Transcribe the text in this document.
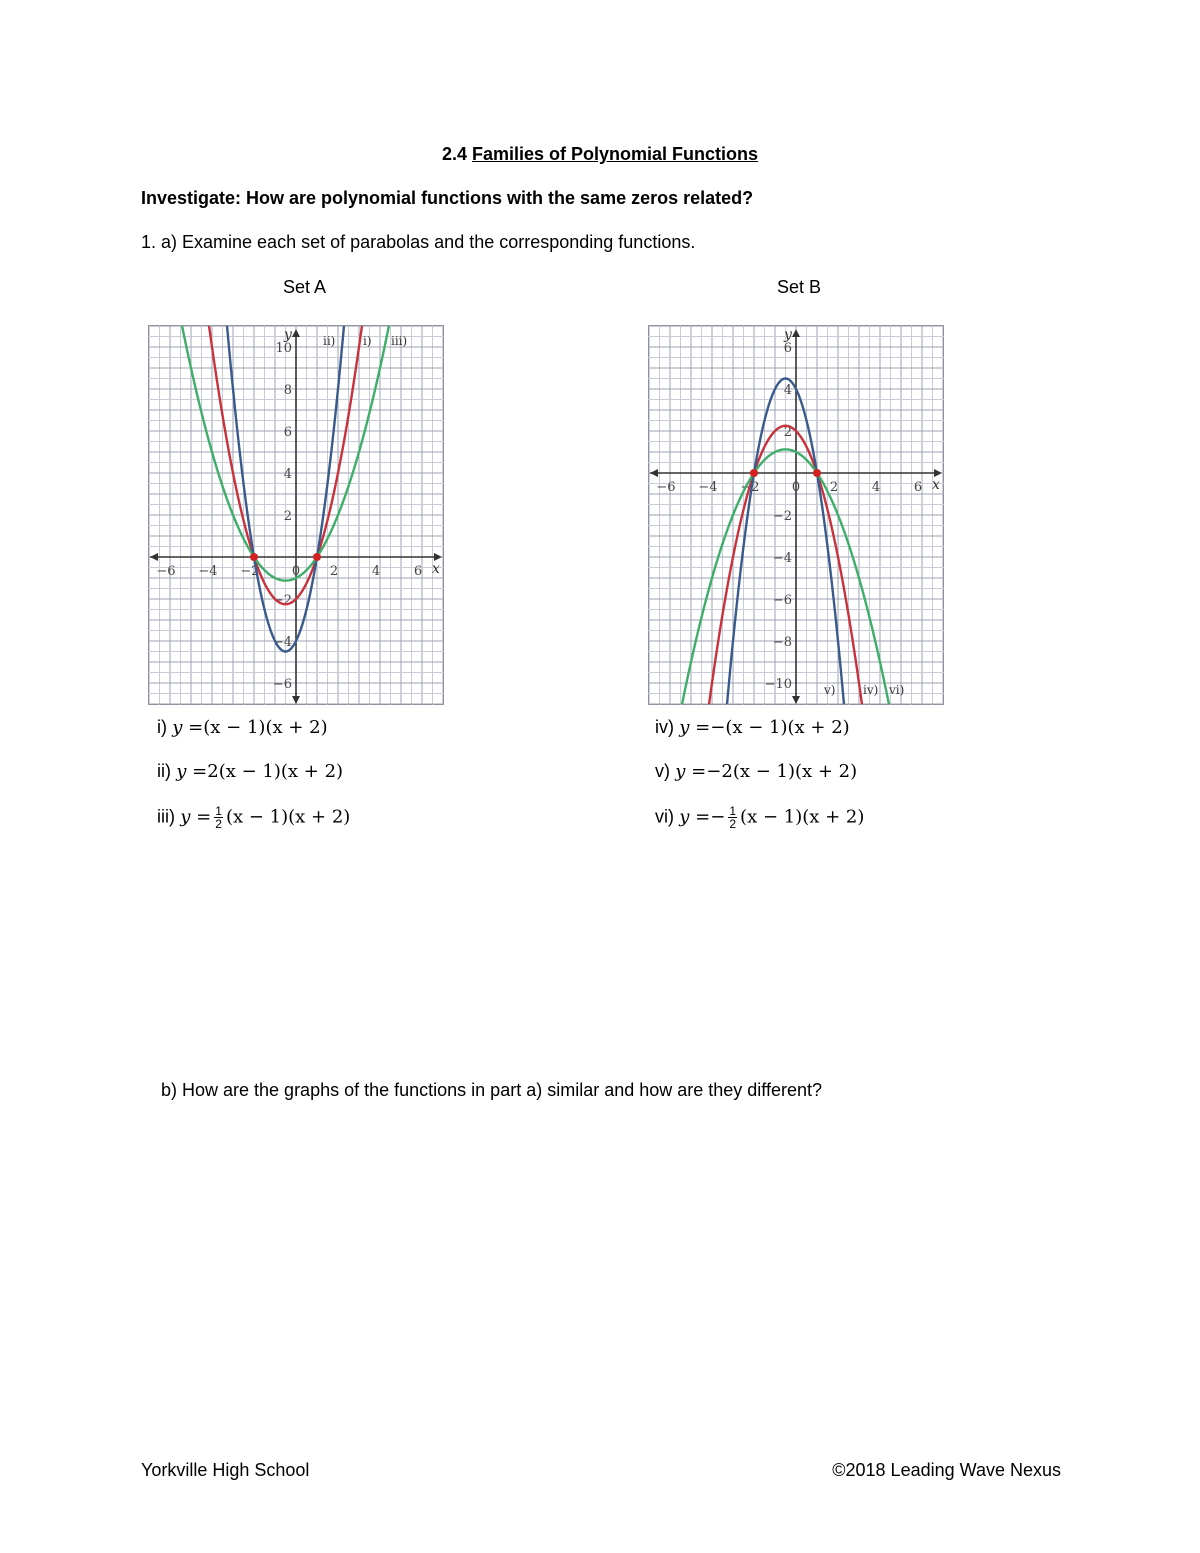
2.4 Families of Polynomial Functions
Investigate: How are polynomial functions with the same zeros related?
1. a) Examine each set of parabolas and the corresponding functions.
Set A	Set B
−6 −4 −2 0 2	4	6
−6
−4
−2
2
4
6
8
10
x
y	ii) i) iii)
−6 −4 −2 0 2	4	6
6
4
2
−2
−4
−6
−8
−10
x
y
v) iv) vi)
i) y =(x − 1)(x + 2)
ii) y =2(x − 1)(x + 2)
iii) $y = \frac{1}{2} (x - 1)(x + 2)$
iv) y =−(x − 1)(x + 2)
v) y =−2(x − 1)(x + 2)
vi) $y =- \frac{1}{2} (x - 1)(x + 2)$
b) How are the graphs of the functions in part a) similar and how are they different?
Yorkville High School	©2018 Leading Wave Nexus
